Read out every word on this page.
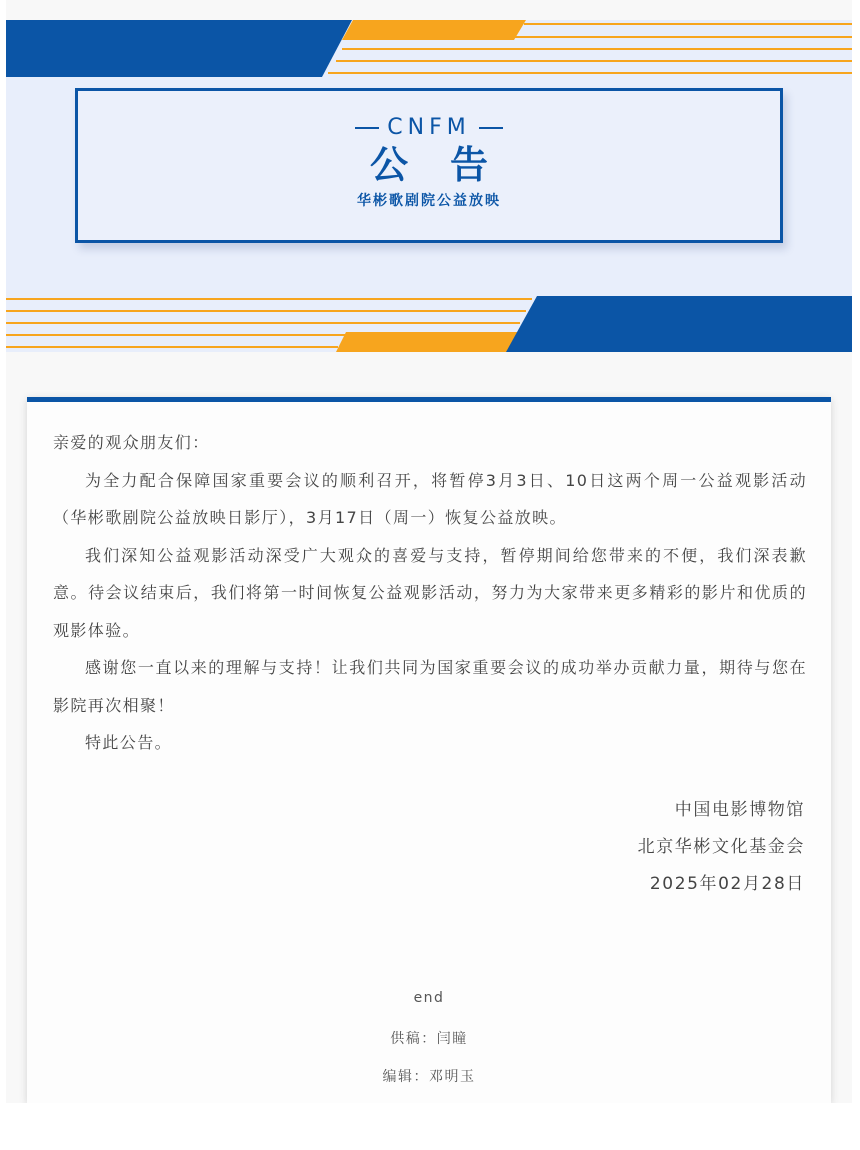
CNFM
公告
华彬歌剧院公益放映

亲爱的观众朋友们：

为全力配合保障国家重要会议的顺利召开，将暂停3月3日、10日这两个周一公益观影活动（华彬歌剧院公益放映日影厅），3月17日（周一）恢复公益放映。

我们深知公益观影活动深受广大观众的喜爱与支持，暂停期间给您带来的不便，我们深表歉意。待会议结束后，我们将第一时间恢复公益观影活动，努力为大家带来更多精彩的影片和优质的观影体验。

感谢您一直以来的理解与支持！让我们共同为国家重要会议的成功举办贡献力量，期待与您在影院再次相聚！

特此公告。

中国电影博物馆
北京华彬文化基金会
2025年02月28日
end
供稿：闫瞳
编辑：邓明玉
